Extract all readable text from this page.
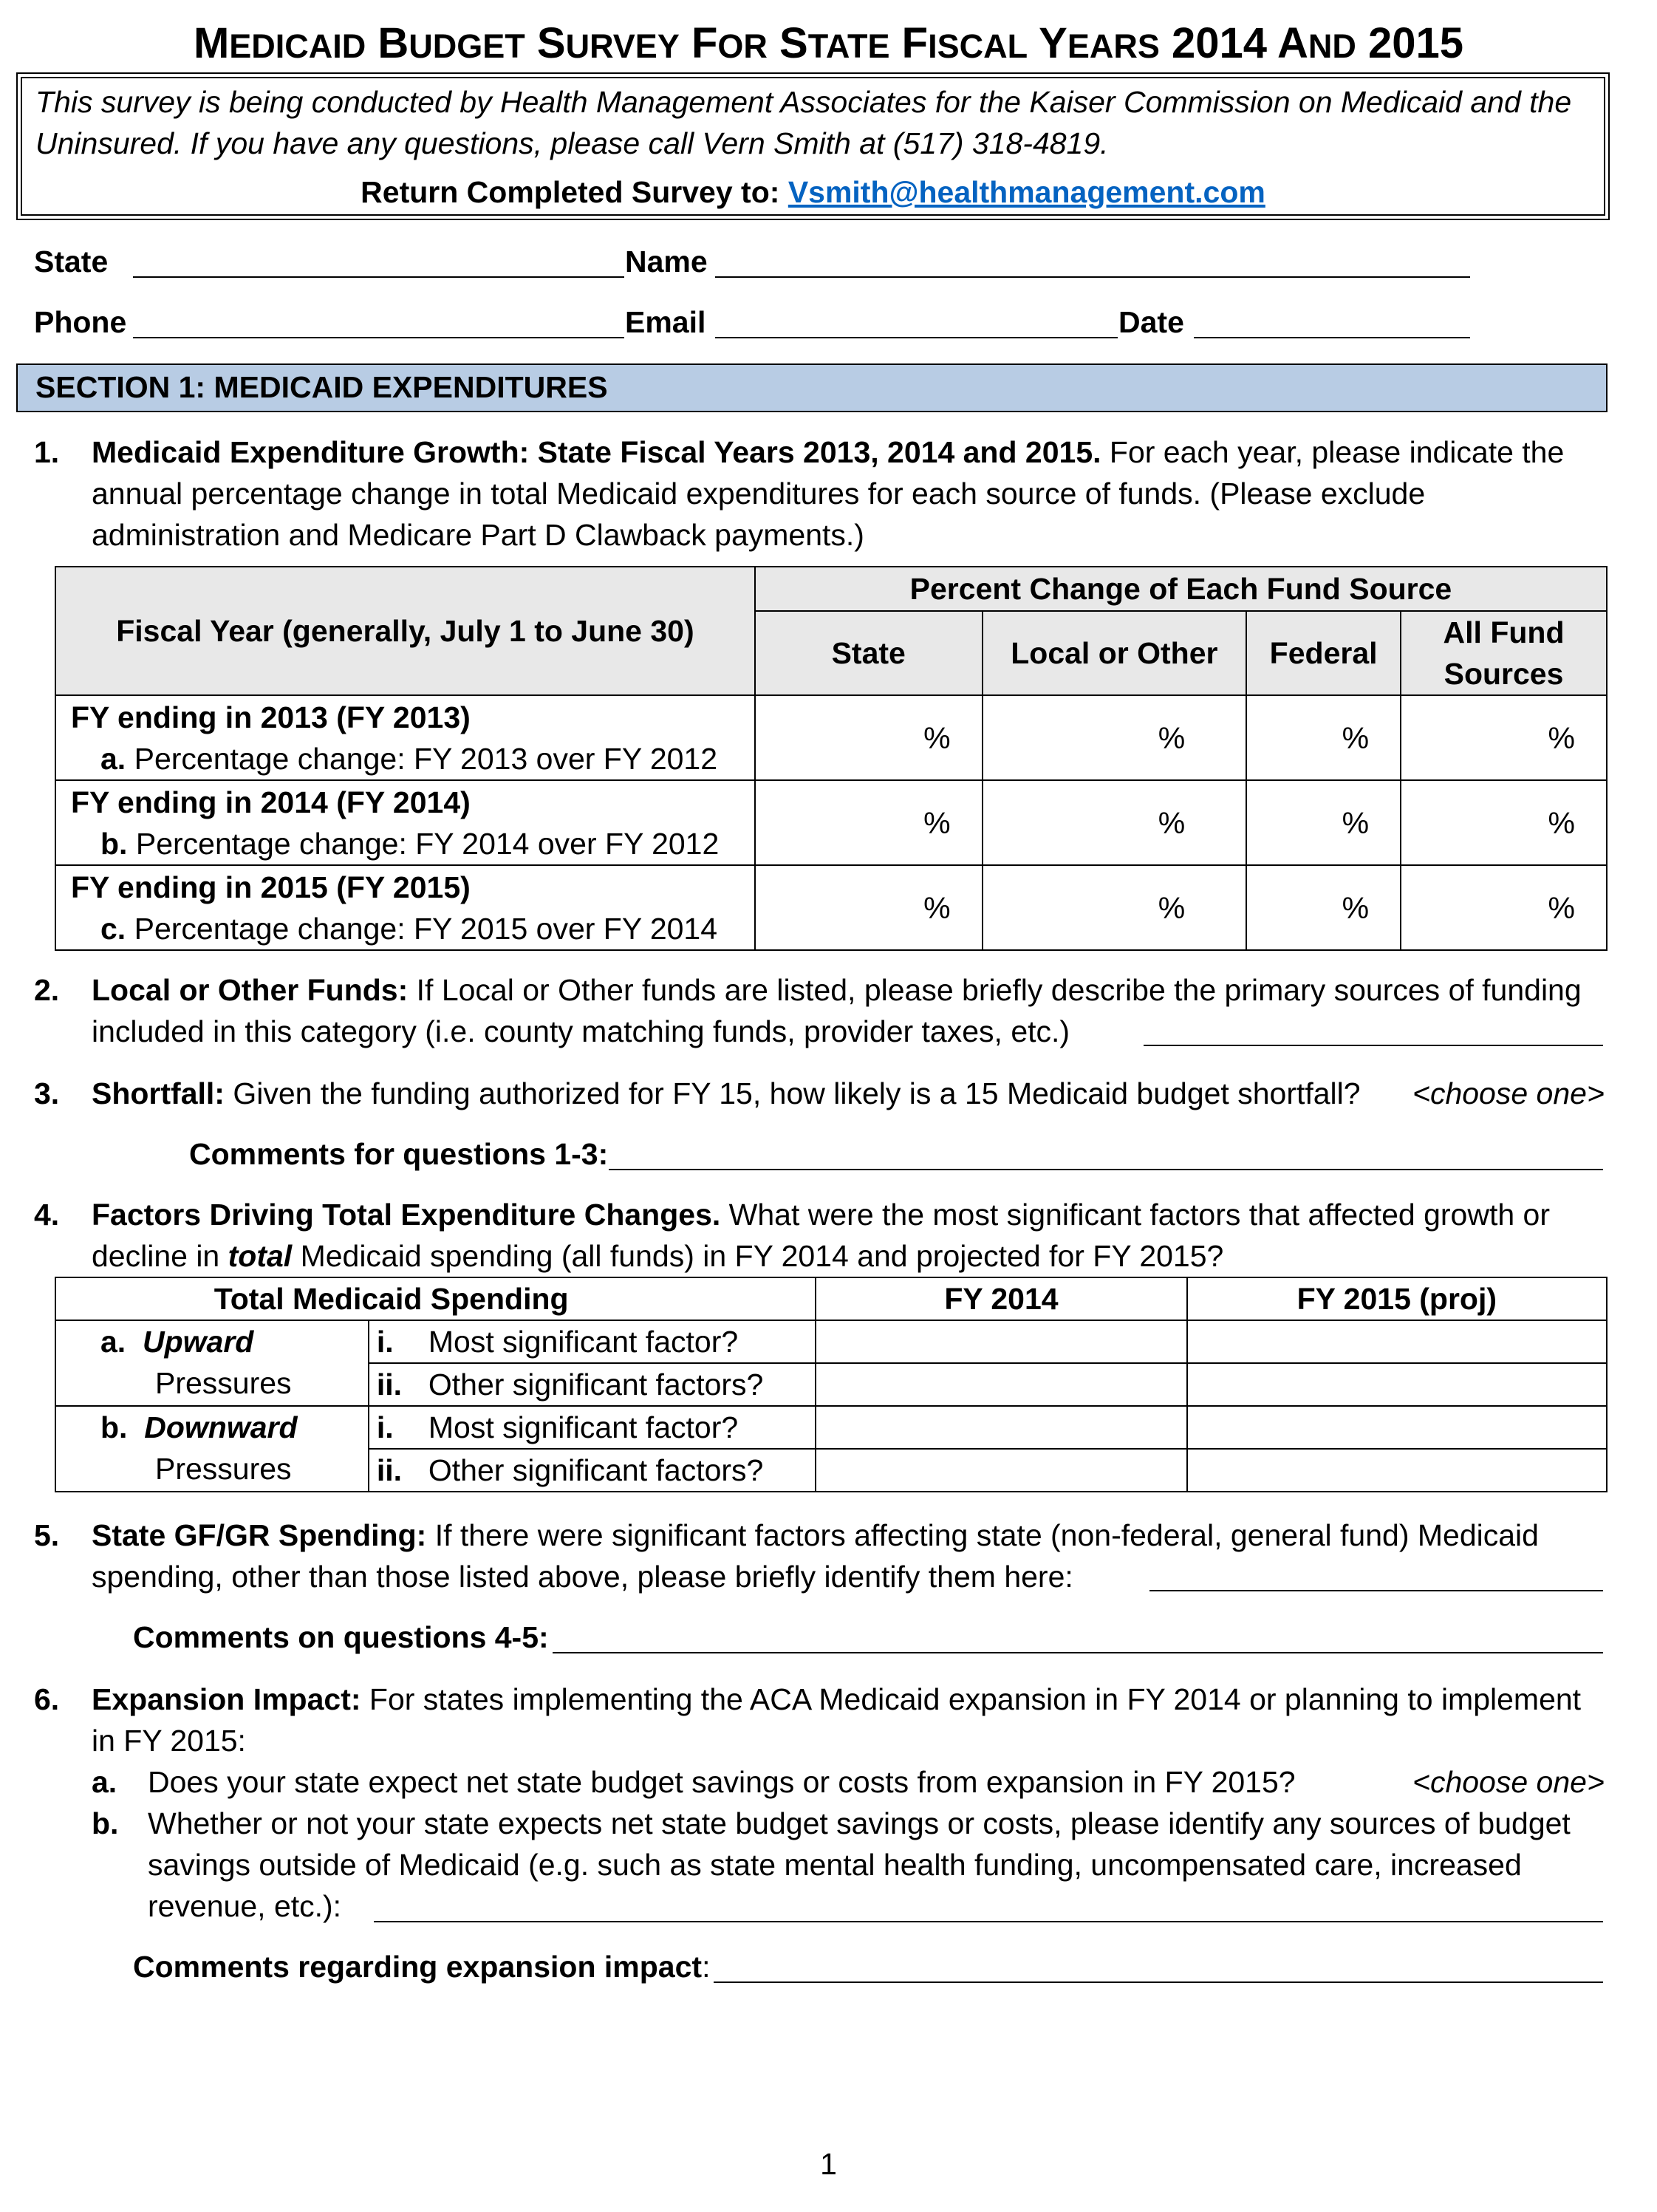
MEDICAID BUDGET SURVEY FOR STATE FISCAL YEARS 2014 AND 2015
This survey is being conducted by Health Management Associates for the Kaiser Commission on Medicaid and the Uninsured. If you have any questions, please call Vern Smith at (517) 318-4819.
Return Completed Survey to: Vsmith@healthmanagement.com
State	Name
Phone	Email	Date
SECTION 1: MEDICAID EXPENDITURES
1. Medicaid Expenditure Growth: State Fiscal Years 2013, 2014 and 2015. For each year, please indicate the
annual percentage change in total Medicaid expenditures for each source of funds. (Please exclude
administration and Medicare Part D Clawback payments.)
Fiscal Year (generally, July 1 to June 30)	Percent Change of Each Fund Source			
	State	Local or Other	Federal	All Fund Sources

FY ending in 2013 (FY 2013)
a. Percentage change: FY 2013 over FY 2012	%	%	%	%

FY ending in 2014 (FY 2014)
b. Percentage change: FY 2014 over FY 2012	%	%	%	%

FY ending in 2015 (FY 2015)
c. Percentage change: FY 2015 over FY 2014	%	%	%	%
2. Local or Other Funds: If Local or Other funds are listed, please briefly describe the primary sources of funding
included in this category (i.e. county matching funds, provider taxes, etc.)
3. Shortfall: Given the funding authorized for FY 15, how likely is a 15 Medicaid budget shortfall? <choose one>
Comments for questions 1-3:
4. Factors Driving Total Expenditure Changes. What were the most significant factors that affected growth or
decline in total Medicaid spending (all funds) in FY 2014 and projected for FY 2015?
Total Medicaid Spending		FY 2014	FY 2015 (proj)

a. Upward
Pressures	i. Most significant factor?		
	ii. Other significant factors?		

b. Downward
Pressures	i. Most significant factor?		
	ii. Other significant factors?		
5. State GF/GR Spending: If there were significant factors affecting state (non-federal, general fund) Medicaid
spending, other than those listed above, please briefly identify them here:
Comments on questions 4-5:
6. Expansion Impact: For states implementing the ACA Medicaid expansion in FY 2014 or planning to implement
in FY 2015:
a. Does your state expect net state budget savings or costs from expansion in FY 2015?	<choose one>
b. Whether or not your state expects net state budget savings or costs, please identify any sources of budget
savings outside of Medicaid (e.g. such as state mental health funding, uncompensated care, increased
revenue, etc.):
Comments regarding expansion impact:
1
